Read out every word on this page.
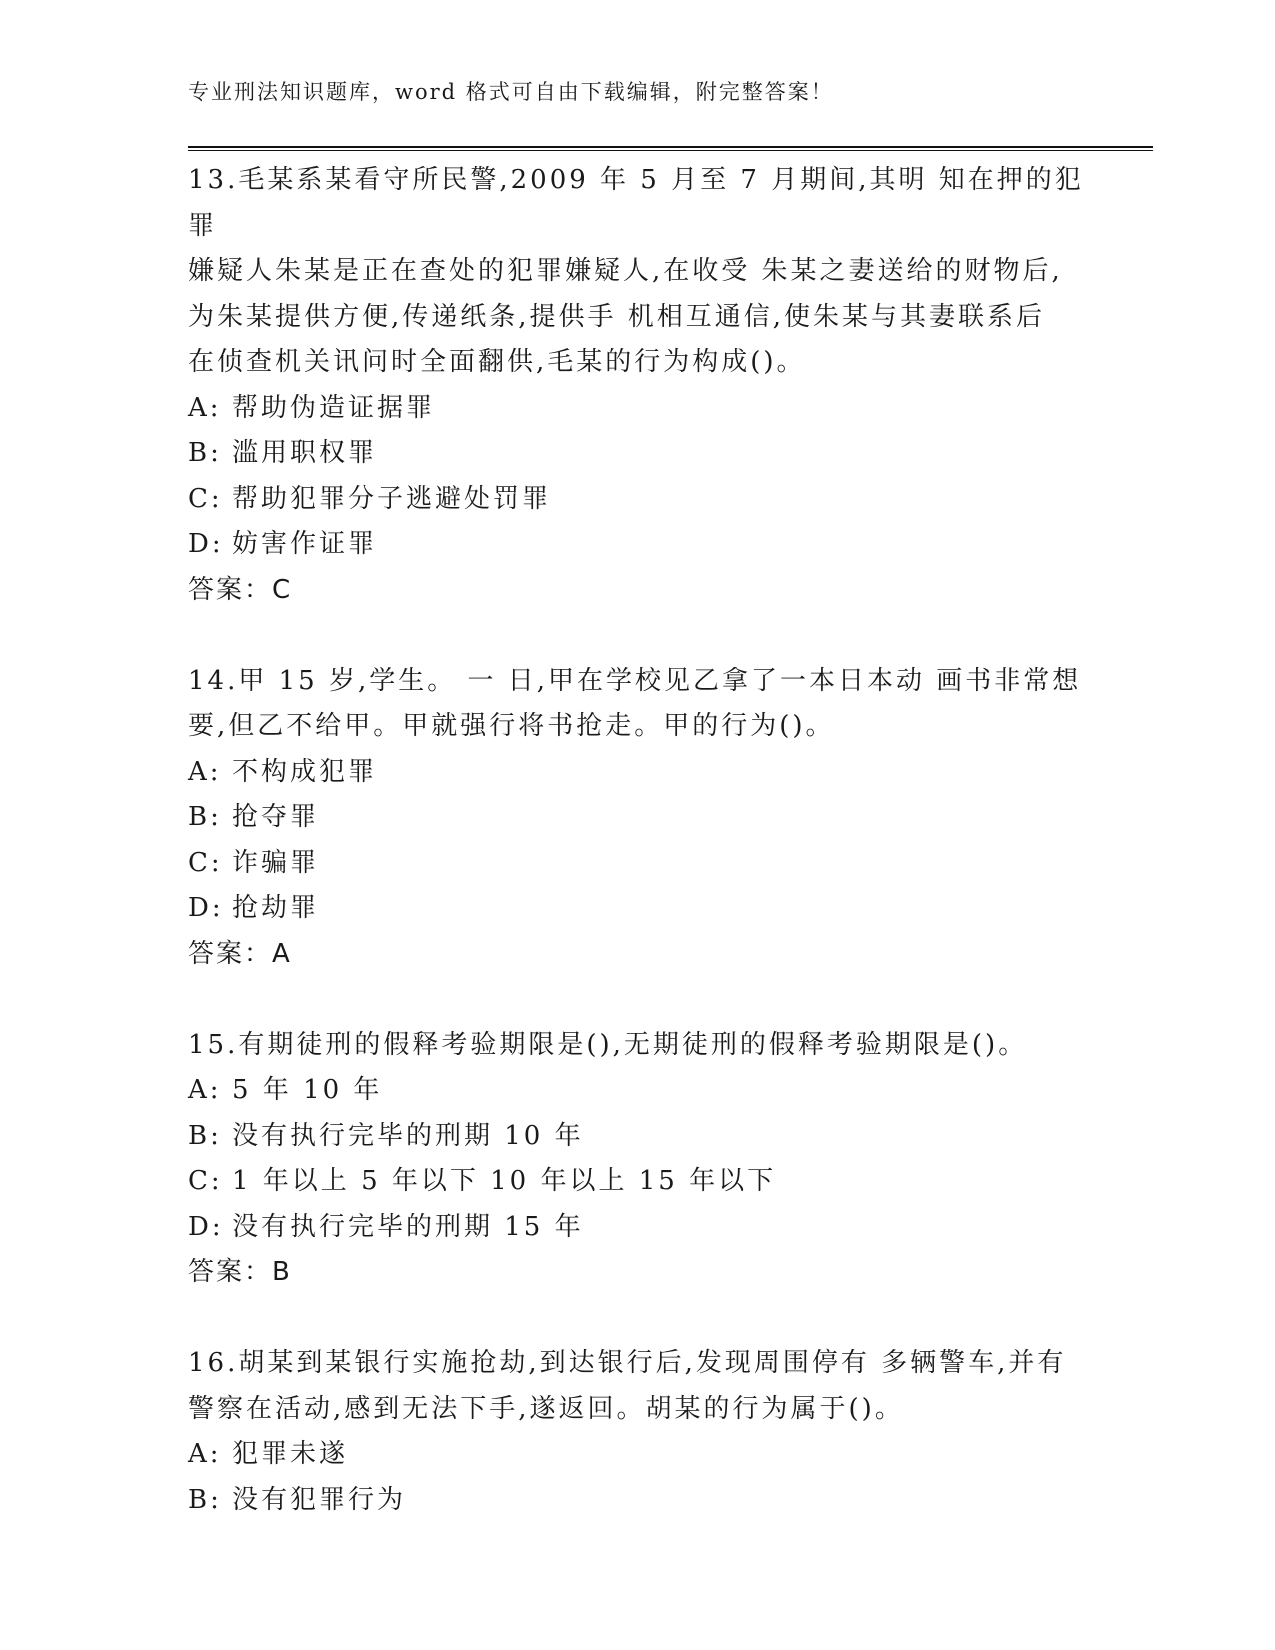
专业刑法知识题库，word 格式可自由下载编辑，附完整答案！
13.毛某系某看守所民警,2009 年 5 月至 7 月期间,其明 知在押的犯罪
嫌疑人朱某是正在查处的犯罪嫌疑人,在收受 朱某之妻送给的财物后,
为朱某提供方便,传递纸条,提供手 机相互通信,使朱某与其妻联系后
在侦查机关讯问时全面翻供,毛某的行为构成()。
A: 帮助伪造证据罪
B: 滥用职权罪
C: 帮助犯罪分子逃避处罚罪
D: 妨害作证罪
答案：C
14.甲 15 岁,学生。 一 日,甲在学校见乙拿了一本日本动 画书非常想
要,但乙不给甲。甲就强行将书抢走。甲的行为()。
A: 不构成犯罪
B: 抢夺罪
C: 诈骗罪
D: 抢劫罪
答案：A
15.有期徒刑的假释考验期限是(),无期徒刑的假释考验期限是()。
A: 5 年 10 年
B: 没有执行完毕的刑期 10 年
C: 1 年以上 5 年以下 10 年以上 15 年以下
D: 没有执行完毕的刑期 15 年
答案：B
16.胡某到某银行实施抢劫,到达银行后,发现周围停有 多辆警车,并有
警察在活动,感到无法下手,遂返回。胡某的行为属于()。
A: 犯罪未遂
B: 没有犯罪行为
